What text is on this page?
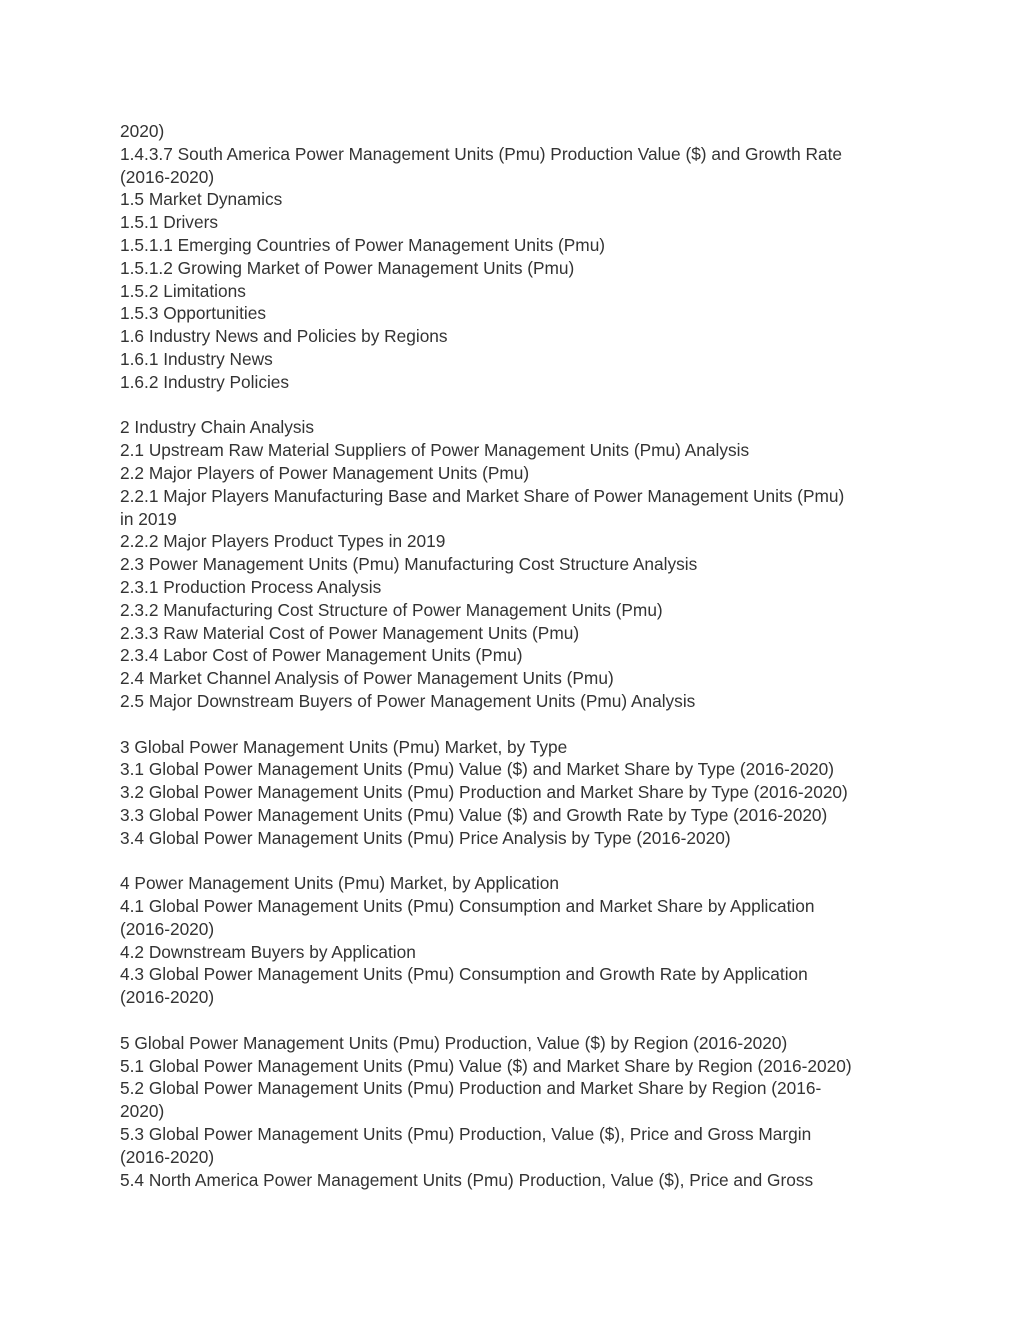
2020)
1.4.3.7 South America Power Management Units (Pmu) Production Value ($) and Growth Rate
(2016-2020)
1.5 Market Dynamics
1.5.1 Drivers
1.5.1.1 Emerging Countries of Power Management Units (Pmu)
1.5.1.2 Growing Market of Power Management Units (Pmu)
1.5.2 Limitations
1.5.3 Opportunities
1.6 Industry News and Policies by Regions
1.6.1 Industry News
1.6.2 Industry Policies
2 Industry Chain Analysis
2.1 Upstream Raw Material Suppliers of Power Management Units (Pmu) Analysis
2.2 Major Players of Power Management Units (Pmu)
2.2.1 Major Players Manufacturing Base and Market Share of Power Management Units (Pmu)
in 2019
2.2.2 Major Players Product Types in 2019
2.3 Power Management Units (Pmu) Manufacturing Cost Structure Analysis
2.3.1 Production Process Analysis
2.3.2 Manufacturing Cost Structure of Power Management Units (Pmu)
2.3.3 Raw Material Cost of Power Management Units (Pmu)
2.3.4 Labor Cost of Power Management Units (Pmu)
2.4 Market Channel Analysis of Power Management Units (Pmu)
2.5 Major Downstream Buyers of Power Management Units (Pmu) Analysis
3 Global Power Management Units (Pmu) Market, by Type
3.1 Global Power Management Units (Pmu) Value ($) and Market Share by Type (2016-2020)
3.2 Global Power Management Units (Pmu) Production and Market Share by Type (2016-2020)
3.3 Global Power Management Units (Pmu) Value ($) and Growth Rate by Type (2016-2020)
3.4 Global Power Management Units (Pmu) Price Analysis by Type (2016-2020)
4 Power Management Units (Pmu) Market, by Application
4.1 Global Power Management Units (Pmu) Consumption and Market Share by Application
(2016-2020)
4.2 Downstream Buyers by Application
4.3 Global Power Management Units (Pmu) Consumption and Growth Rate by Application
(2016-2020)
5 Global Power Management Units (Pmu) Production, Value ($) by Region (2016-2020)
5.1 Global Power Management Units (Pmu) Value ($) and Market Share by Region (2016-2020)
5.2 Global Power Management Units (Pmu) Production and Market Share by Region (2016-
2020)
5.3 Global Power Management Units (Pmu) Production, Value ($), Price and Gross Margin
(2016-2020)
5.4 North America Power Management Units (Pmu) Production, Value ($), Price and Gross
